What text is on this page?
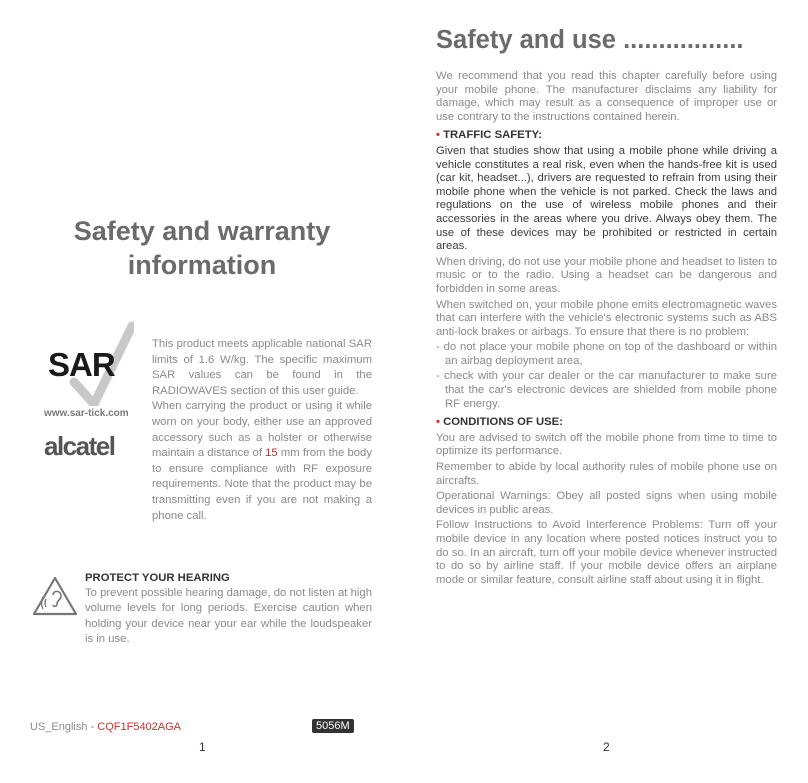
Safety and warranty information
SAR
www.sar-tick.com
alcatel

This product meets applicable national SAR limits of 1.6 W/kg. The specific maximum SAR values can be found in the RADIOWAVES section of this user guide.

When carrying the product or using it while worn on your body, either use an approved accessory such as a holster or otherwise maintain a distance of 15 mm from the body to ensure compliance with RF exposure requirements. Note that the product may be transmitting even if you are not making a phone call.

PROTECT YOUR HEARING

To prevent possible hearing damage, do not listen at high volume levels for long periods. Exercise caution when holding your device near your ear while the loudspeaker is in use.

US_English - CQF1F5402AGA	5056M
1
Safety and use .................

We recommend that you read this chapter carefully before using your mobile phone. The manufacturer disclaims any liability for damage, which may result as a consequence of improper use or use contrary to the instructions contained herein.

• TRAFFIC SAFETY:

Given that studies show that using a mobile phone while driving a vehicle constitutes a real risk, even when the hands-free kit is used (car kit, headset...), drivers are requested to refrain from using their mobile phone when the vehicle is not parked. Check the laws and regulations on the use of wireless mobile phones and their accessories in the areas where you drive. Always obey them. The use of these devices may be prohibited or restricted in certain areas.

When driving, do not use your mobile phone and headset to listen to music or to the radio. Using a headset can be dangerous and forbidden in some areas.

When switched on, your mobile phone emits electromagnetic waves that can interfere with the vehicle's electronic systems such as ABS anti-lock brakes or airbags. To ensure that there is no problem:

- do not place your mobile phone on top of the dashboard or within an airbag deployment area,

- check with your car dealer or the car manufacturer to make sure that the car's electronic devices are shielded from mobile phone RF energy.

• CONDITIONS OF USE:

You are advised to switch off the mobile phone from time to time to optimize its performance.

Remember to abide by local authority rules of mobile phone use on aircrafts.

Operational Warnings: Obey all posted signs when using mobile devices in public areas.

Follow Instructions to Avoid Interference Problems: Turn off your mobile device in any location where posted notices instruct you to do so. In an aircraft, turn off your mobile device whenever instructed to do so by airline staff. If your mobile device offers an airplane mode or similar feature, consult airline staff about using it in flight.

2
